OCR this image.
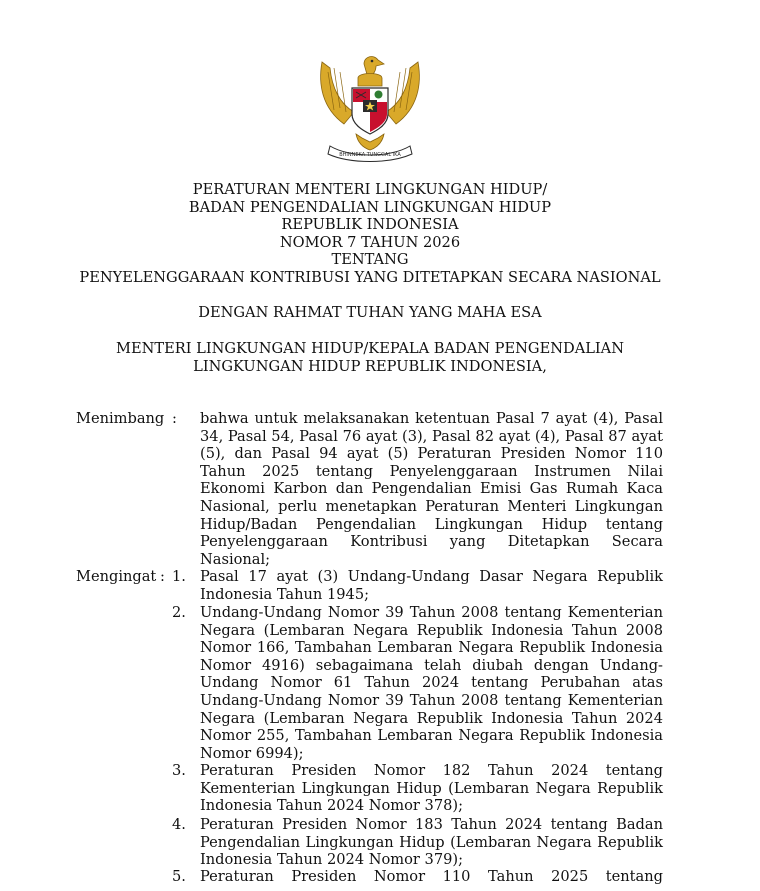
BHINNEKA TUNGGAL IKA
PERATURAN MENTERI LINGKUNGAN HIDUP/
BADAN PENGENDALIAN LINGKUNGAN HIDUP
REPUBLIK INDONESIA
NOMOR 7 TAHUN 2026
TENTANG
PENYELENGGARAAN KONTRIBUSI YANG DITETAPKAN SECARA NASIONAL
DENGAN RAHMAT TUHAN YANG MAHA ESA
MENTERI LINGKUNGAN HIDUP/KEPALA BADAN PENGENDALIAN
LINGKUNGAN HIDUP REPUBLIK INDONESIA,
Menimbang : bahwa untuk melaksanakan ketentuan Pasal 7 ayat (4), Pasal 34, Pasal 54, Pasal 76 ayat (3), Pasal 82 ayat (4), Pasal 87 ayat (5), dan Pasal 94 ayat (5) Peraturan Presiden Nomor 110 Tahun 2025 tentang Penyelenggaraan Instrumen Nilai Ekonomi Karbon dan Pengendalian Emisi Gas Rumah Kaca Nasional, perlu menetapkan Peraturan Menteri Lingkungan Hidup/Badan Pengendalian Lingkungan Hidup tentang Penyelenggaraan Kontribusi yang Ditetapkan Secara Nasional;
Mengingat : 1. Pasal 17 ayat (3) Undang-Undang Dasar Negara Republik Indonesia Tahun 1945;
2. Undang-Undang Nomor 39 Tahun 2008 tentang Kementerian Negara (Lembaran Negara Republik Indonesia Tahun 2008 Nomor 166, Tambahan Lembaran Negara Republik Indonesia Nomor 4916) sebagaimana telah diubah dengan Undang-Undang Nomor 61 Tahun 2024 tentang Perubahan atas Undang-Undang Nomor 39 Tahun 2008 tentang Kementerian Negara (Lembaran Negara Republik Indonesia Tahun 2024 Nomor 255, Tambahan Lembaran Negara Republik Indonesia Nomor 6994);
3. Peraturan Presiden Nomor 182 Tahun 2024 tentang Kementerian Lingkungan Hidup (Lembaran Negara Republik Indonesia Tahun 2024 Nomor 378);
4. Peraturan Presiden Nomor 183 Tahun 2024 tentang Badan Pengendalian Lingkungan Hidup (Lembaran Negara Republik Indonesia Tahun 2024 Nomor 379);
5. Peraturan Presiden Nomor 110 Tahun 2025 tentang
